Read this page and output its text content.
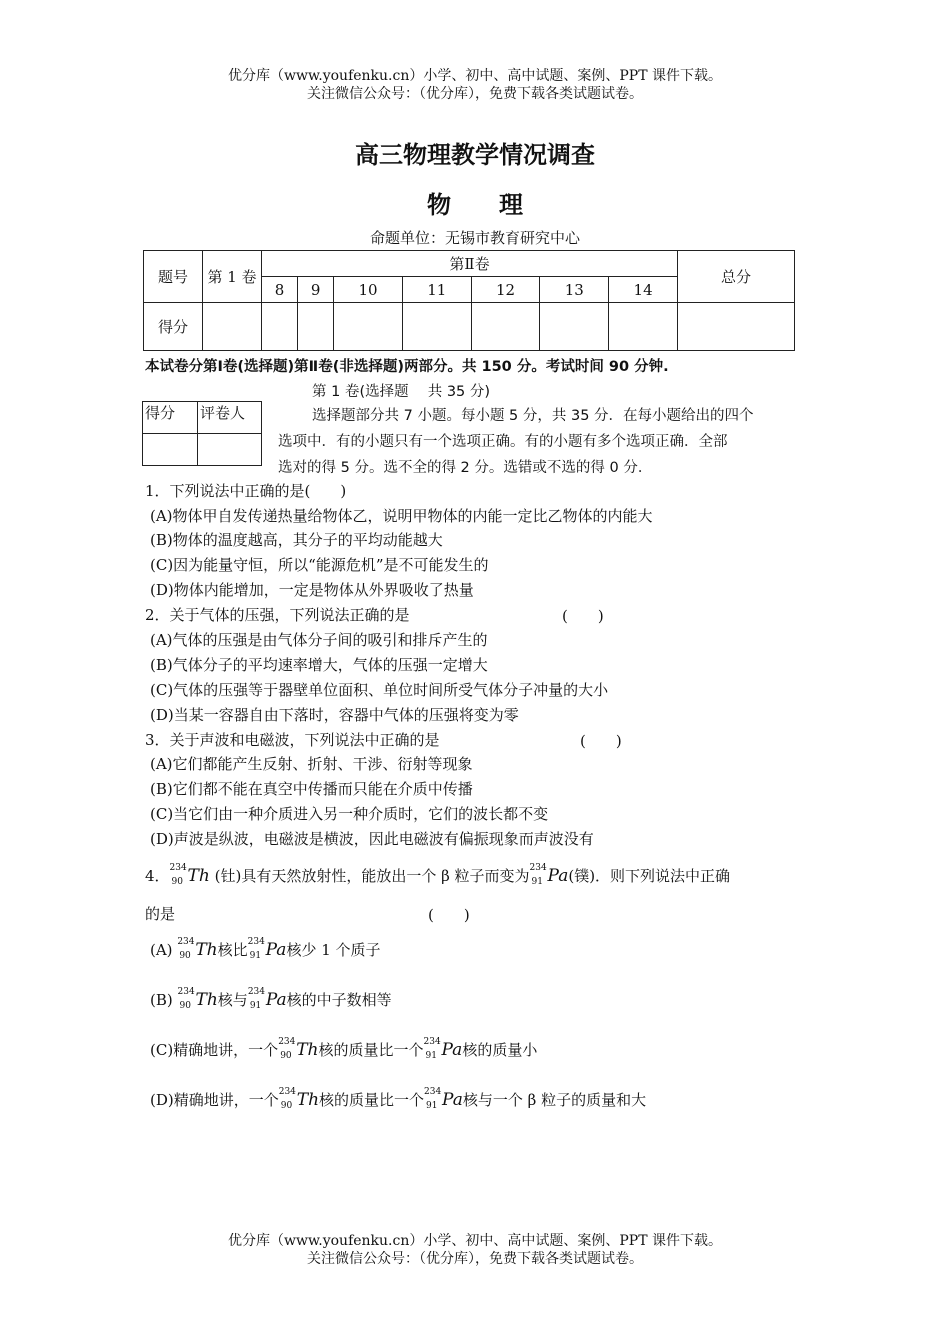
优分库（www.youfenku.cn）小学、初中、高中试题、案例、PPT 课件下载。
关注微信公众号：（优分库），免费下载各类试题试卷。
高三物理教学情况调查
物　　理
命题单位：无锡市教育研究中心
题号	第 1 卷	第Ⅱ卷							总分
		8	9	10	11	12	13	14	
得分									
本试卷分第Ⅰ卷(选择题)第Ⅱ卷(非选择题)两部分。共 150 分。考试时间 90 分钟.
第 1 卷(选择题　 共 35 分)
得分	评卷人
		选择题部分共 7 小题。每小题 5 分，共 35 分．在每小题给出的四个
选项中．有的小题只有一个选项正确。有的小题有多个选项正确．全部
选对的得 5 分。选不全的得 2 分。选错或不选的得 0 分．
1．下列说法中正确的是(　　)
(A)物体甲自发传递热量给物体乙，说明甲物体的内能一定比乙物体的内能大
(B)物体的温度越高，其分子的平均动能越大
(C)因为能量守恒，所以“能源危机”是不可能发生的
(D)物体内能增加，一定是物体从外界吸收了热量
2．关于气体的压强，下列说法正确的是	(　　)
(A)气体的压强是由气体分子间的吸引和排斥产生的
(B)气体分子的平均速率增大，气体的压强一定增大
(C)气体的压强等于器壁单位面积、单位时间所受气体分子冲量的大小
(D)当某一容器自由下落时，容器中气体的压强将变为零
3．关于声波和电磁波，下列说法中正确的是	(　　)
(A)它们都能产生反射、折射、干涉、衍射等现象
(B)它们都不能在真空中传播而只能在介质中传播
(C)当它们由一种介质进入另一种介质时，它们的波长都不变
(D)声波是纵波，电磁波是横波，因此电磁波有偏振现象而声波没有
4． 234
90 Th (钍)具有天然放射性，能放出一个 β 粒子而变为 234
91 Pa(镤)．则下列说法中正确
的是	(　　)
(A) 234
90 Th核比 234
91 Pa核少 1 个质子
(B) 234
90 Th核与 234
91 Pa核的中子数相等
(C)精确地讲，一个 234
90 Th核的质量比一个 234
91 Pa核的质量小
(D)精确地讲，一个 234
90 Th核的质量比一个 234
91 Pa核与一个 β 粒子的质量和大
优分库（www.youfenku.cn）小学、初中、高中试题、案例、PPT 课件下载。
关注微信公众号：（优分库），免费下载各类试题试卷。
